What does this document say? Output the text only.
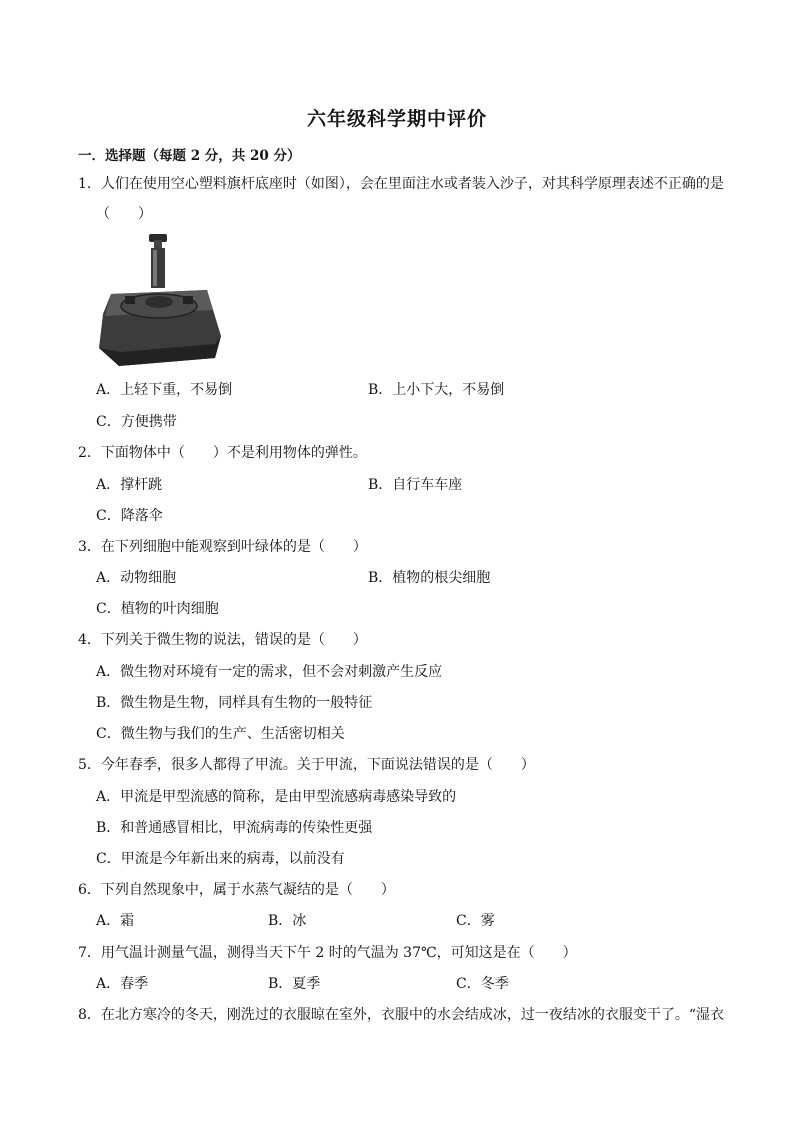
六年级科学期中评价
一．选择题（每题 2 分，共 20 分）
1．人们在使用空心塑料旗杆底座时（如图），会在里面注水或者装入沙子，对其科学原理表述不正确的是
（　　）
A．上轻下重，不易倒	B．上小下大，不易倒
C．方便携带
2．下面物体中（　　）不是利用物体的弹性。
A．撑杆跳	B．自行车车座
C．降落伞
3．在下列细胞中能观察到叶绿体的是（　　）
A．动物细胞	B．植物的根尖细胞
C．植物的叶肉细胞
4．下列关于微生物的说法，错误的是（　　）
A．微生物对环境有一定的需求，但不会对刺激产生反应
B．微生物是生物，同样具有生物的一般特征
C．微生物与我们的生产、生活密切相关
5．今年春季，很多人都得了甲流。关于甲流，下面说法错误的是（　　）
A．甲流是甲型流感的简称，是由甲型流感病毒感染导致的
B．和普通感冒相比，甲流病毒的传染性更强
C．甲流是今年新出来的病毒，以前没有
6．下列自然现象中，属于水蒸气凝结的是（　　）
A．霜	B．冰	C．雾
7．用气温计测量气温，测得当天下午 2 时的气温为 37℃，可知这是在（　　）
A．春季	B．夏季	C．冬季
8．在北方寒冷的冬天，刚洗过的衣服晾在室外，衣服中的水会结成冰，过一夜结冰的衣服变干了。“湿衣
